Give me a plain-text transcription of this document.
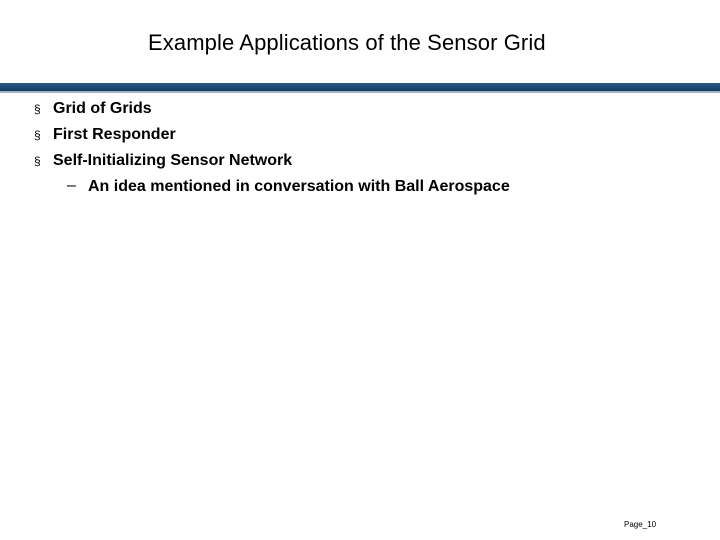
Example Applications of the Sensor Grid
§ Grid of Grids
§ First Responder
§ Self-Initializing Sensor Network
– An idea mentioned in conversation with Ball Aerospace
Page_10
